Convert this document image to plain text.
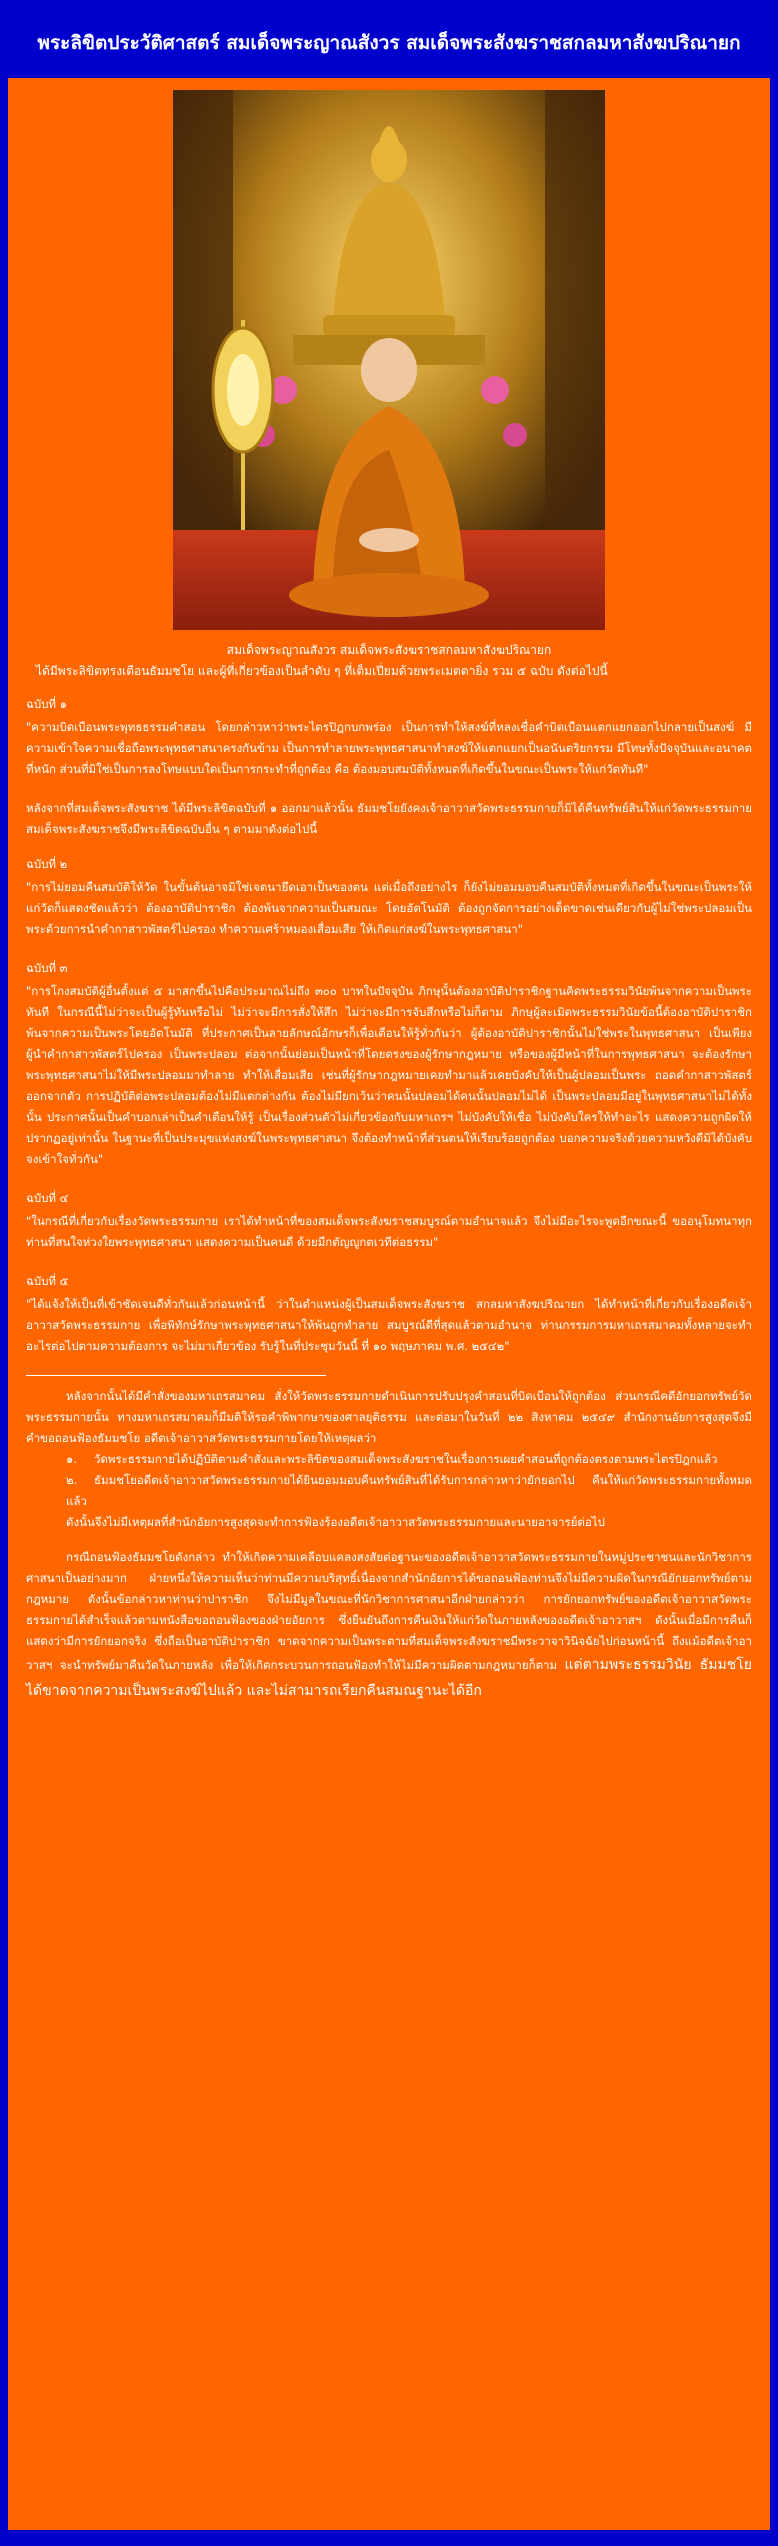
พระลิขิตประวัติศาสตร์ สมเด็จพระญาณสังวร สมเด็จพระสังฆราชสกลมหาสังฆปริณายก
สมเด็จพระญาณสังวร สมเด็จพระสังฆราชสกลมหาสังฆปริณายก
ได้มีพระลิขิตทรงเตือนธัมมชโย และผู้ที่เกี่ยวข้องเป็นลำดับ ๆ ที่เต็มเปี่ยมด้วยพระเมตตายิ่ง รวม ๕ ฉบับ ดังต่อไปนี้
ฉบับที่ ๑
"ความบิดเบือนพระพุทธธรรมคำสอน โดยกล่าวหาว่าพระไตรปิฎกบกพร่อง เป็นการทำให้สงฆ์ที่หลงเชื่อคำบิดเบือนแตกแยกออกไปกลายเป็นสงฆ์ มีความเข้าใจความเชื่อถือพระพุทธศาสนาครงกันข้าม เป็นการทำลายพระพุทธศาสนาทำสงฆ์ให้แตกแยกเป็นอนันตริยกรรม มีโทษทั้งปัจจุบันและอนาคตที่หนัก ส่วนที่มิใช่เป็นการลงโทษแบบใดเป็นการกระทำที่ถูกต้อง คือ ต้องมอบสมบัติทั้งหมดที่เกิดขึ้นในขณะเป็นพระให้แก่วัดทันที"
หลังจากที่สมเด็จพระสังฆราช ได้มีพระลิขิตฉบับที่ ๑ ออกมาแล้วนั้น ธัมมชโยยังคงเจ้าอาวาสวัดพระธรรมกายก็มิได้คืนทรัพย์สินให้แก่วัดพระธรรมกาย สมเด็จพระสังฆราชจึงมีพระลิขิตฉบับอื่น ๆ ตามมาดังต่อไปนี้
ฉบับที่ ๒
"การไม่ยอมคืนสมบัติให้วัด ในขั้นต้นอาจมิใช่เจตนายึดเอาเป็นของตน แต่เมื่อถึงอย่างไร ก็ยังไม่ยอมมอบคืนสมบัติทั้งหมดที่เกิดขึ้นในขณะเป็นพระให้แก่วัดก็แสดงชัดแล้วว่า ต้องอาบัติปาราชิก ต้องพ้นจากความเป็นสมณะ โดยอัตโนมัติ ต้องถูกจัดการอย่างเด็ดขาดเช่นเดียวกับผู้ไม่ใช่พระปลอมเป็นพระด้วยการนำคำกาสาวพัสตร์ไปครอง ทำความเศร้าหมองเสื่อมเสีย ให้เกิดแก่สงฆ์ในพระพุทธศาสนา"
ฉบับที่ ๓
"การโกงสมบัติผู้อื่นตั้งแต่ ๕ มาสกขึ้นไปคือประมาณไม่ถึง ๓๐๐ บาทในปัจจุบัน ภิกษุนั้นต้องอาบัติปาราชิกฐานคิดพระธรรมวินัยพ้นจากความเป็นพระทันที ในกรณีนี้ไม่ว่าจะเป็นผู้รู้ทันหรือไม่ ไม่ว่าจะมีการสั่งให้สึก ไม่ว่าจะมีการจับสึกหรือไม่ก็ตาม ภิกษุผู้ละเมิดพระธรรมวินัยข้อนี้ต้องอาบัติปาราชิก พ้นจากความเป็นพระโดยอัตโนมัติ ที่ประกาศเป็นลายลักษณ์อักษรก็เพื่อเตือนให้รู้ทั่วกันว่า ผู้ต้องอาบัติปาราชิกนั้นไม่ใช่พระในพุทธศาสนา เป็นเพียงผู้นำคำกาสาวพัสตร์ไปครอง เป็นพระปลอม ต่อจากนั้นย่อมเป็นหน้าที่โดยตรงของผู้รักษากฎหมาย หรือของผู้มีหน้าที่ในการพุทธศาสนา จะต้องรักษาพระพุทธศาสนาไม่ให้มีพระปลอมมาทำลาย ทำให้เสื่อมเสีย เช่นที่ผู้รักษากฎหมายเคยทำมาแล้วเคยบังคับให้เป็นผู้ปลอมเป็นพระ ถอดคำกาสาวพัสตร์ออกจากตัว การปฏิบัติต่อพระปลอมต้องไม่มีแตกต่างกัน ต้องไม่มียกเว้นว่าคนนั้นปลอมได้คนนั้นปลอมไม่ได้ เป็นพระปลอมมีอยู่ในพุทธศาสนาไม่ได้ทั้งนั้น ประกาศนั้นเป็นคำบอกเล่าเป็นคำเตือนให้รู้ เป็นเรื่องส่วนตัวไม่เกี่ยวข้องกับมหาเถรฯ ไม่บังคับให้เชื่อ ไม่บังคับใครให้ทำอะไร แสดงความถูกผิดให้ปรากฏอยู่เท่านั้น ในฐานะที่เป็นประมุขแห่งสงฆ์ในพระพุทธศาสนา จึงต้องทำหน้าที่ส่วนตนให้เรียบร้อยถูกต้อง บอกความจริงด้วยความหวังดีมิได้บังคับ จงเข้าใจทั่วกัน"
ฉบับที่ ๔
"ในกรณีที่เกี่ยวกับเรื่องวัดพระธรรมกาย เราได้ทำหน้าที่ของสมเด็จพระสังฆราชสมบูรณ์ตามอำนาจแล้ว จึงไม่มีอะไรจะพูดอีกขณะนี้ ขออนุโมทนาทุกท่านที่สนใจห่วงใยพระพุทธศาสนา แสดงความเป็นคนดี ด้วยมีกตัญญูกตเวทีต่อธรรม"
ฉบับที่ ๕
"ได้แจ้งให้เป็นที่เข้าชัดเจนดีทั่วกันแล้วก่อนหน้านี้ ว่าในตำแหน่งผู้เป็นสมเด็จพระสังฆราช สกลมหาสังฆปริณายก ได้ทำหน้าที่เกี่ยวกับเรื่องอดีตเจ้าอาวาสวัดพระธรรมกาย เพื่อพิทักษ์รักษาพระพุทธศาสนาให้พ้นถูกทำลาย สมบูรณ์ดีที่สุดแล้วตามอำนาจ ท่านกรรมการมหาเถรสมาคมทั้งหลายจะทำอะไรต่อไปตามความต้องการ จะไม่มาเกี่ยวข้อง รับรู้ในที่ประชุมวันนี้ ที่ ๑๐ พฤษภาคม พ.ศ. ๒๕๔๒"
หลังจากนั้นได้มีคำสั่งของมหาเถรสมาคม สั่งให้วัดพระธรรมกายดำเนินการปรับปรุงคำสอนที่บิดเบือนให้ถูกต้อง ส่วนกรณีคดีอักยอกทรัพย์วัดพระธรรมกายนั้น ทางมหาเถรสมาคมก็มีมติให้รอคำพิพากษาของศาลยุติธรรม และต่อมาในวันที่ ๒๒ สิงหาคม ๒๕๔๙ สำนักงานอัยการสูงสุดจึงมีคำขอถอนฟ้องธัมมชโย อดีตเจ้าอาวาสวัดพระธรรมกายโดยให้เหตุผลว่า
๑. วัดพระธรรมกายได้ปฏิบัติตามคำสั่งและพระลิขิตของสมเด็จพระสังฆราชในเรื่องการเผยคำสอนที่ถูกต้องตรงตามพระไตรปิฎกแล้ว
๒. ธัมมชโยอดีตเจ้าอาวาสวัดพระธรรมกายได้ยินยอมมอบคืนทรัพย์สินที่ได้รับการกล่าวหาว่ายักยอกไป คืนให้แก่วัดพระธรรมกายทั้งหมดแล้ว
ดังนั้นจึงไม่มีเหตุผลที่สำนักอัยการสูงสุดจะทำการฟ้องร้องอดีตเจ้าอาวาสวัดพระธรรมกายและนายอาจารย์ต่อไป
กรณีถอนฟ้องธัมมชโยดังกล่าว ทำให้เกิดความเคลือบแคลงสงสัยต่อฐานะของอดีตเจ้าอาวาสวัดพระธรรมกายในหมู่ประชาชนและนักวิชาการศาสนาเป็นอย่างมาก ฝ่ายหนึ่งให้ความเห็นว่าท่านมีความบริสุทธิ์เนื่องจากสำนักอัยการได้ขอถอนฟ้องท่านจึงไม่มีความผิดในกรณียักยอกทรัพย์ตามกฎหมาย ดังนั้นข้อกล่าวหาท่านว่าปาราชิก จึงไม่มีมูลในขณะที่นักวิชาการศาสนาอีกฝ่ายกล่าวว่า การยักยอกทรัพย์ของอดีตเจ้าอาวาสวัดพระธรรมกายได้สำเร็จแล้วตามหนังสือขอถอนฟ้องของฝ่ายอัยการ ซึ่งยืนยันถึงการคืนเงินให้แก่วัดในภายหลังของอดีตเจ้าอาวาสฯ ดังนั้นเมื่อมีการคืนก็แสดงว่ามีการยักยอกจริง ซึ่งถือเป็นอาบัติปาราชิก ขาดจากความเป็นพระตามที่สมเด็จพระสังฆราชมีพระวาจาวินิจฉัยไปก่อนหน้านี้ ถึงแม้อดีตเจ้าอาวาสฯ จะนำทรัพย์มาคืนวัดในภายหลัง เพื่อให้เกิดกระบวนการถอนฟ้องทำให้ไม่มีความผิดตามกฎหมายก็ตาม แต่ตามพระธรรมวินัย ธัมมชโยได้ขาดจากความเป็นพระสงฆ์ไปแล้ว และไม่สามารถเรียกคืนสมณฐานะได้อีก
